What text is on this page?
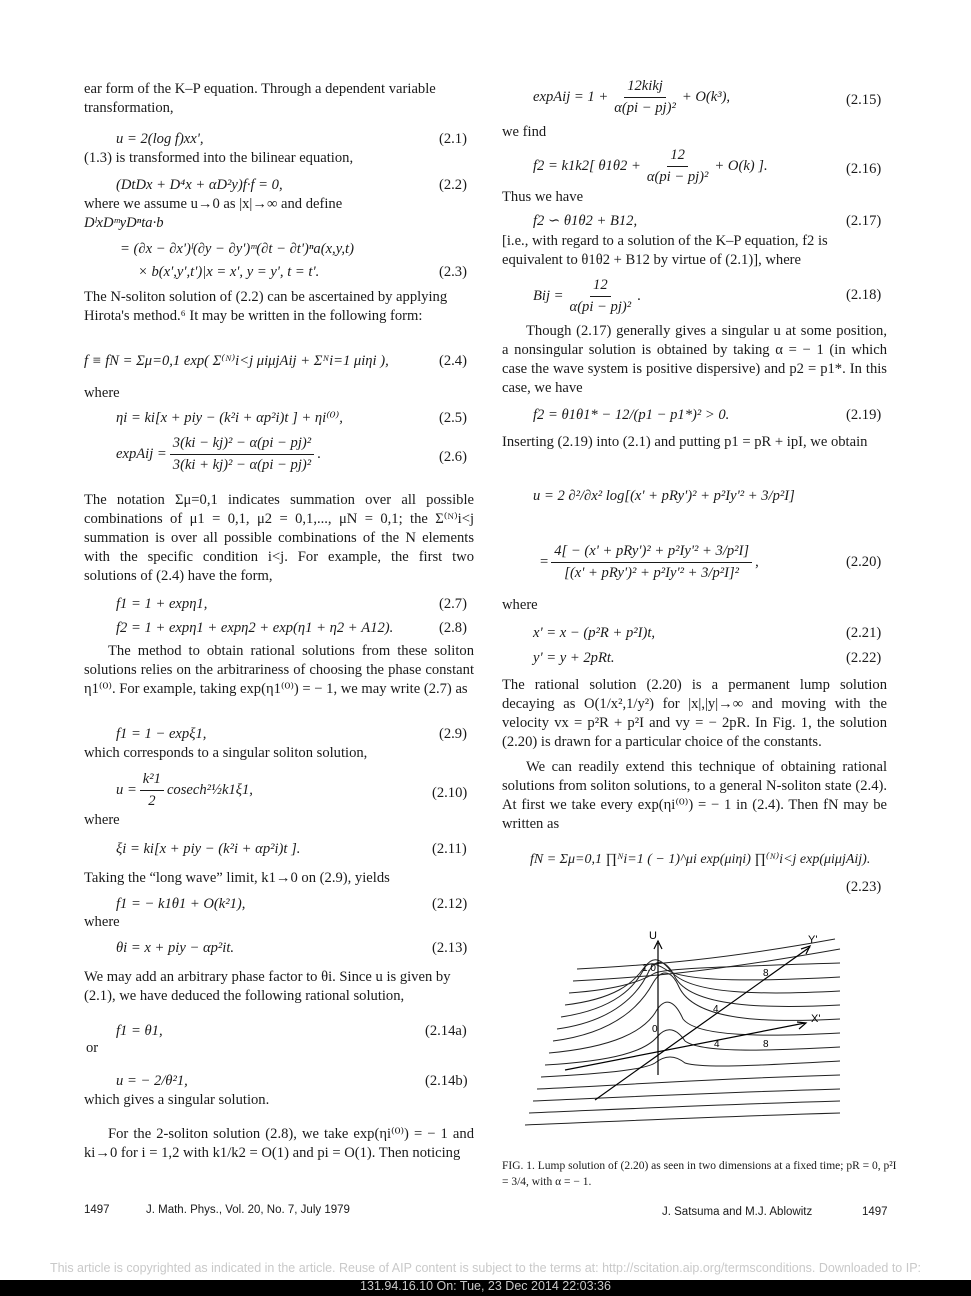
ear form of the K–P equation. Through a dependent variable transformation,

u = 2(log f)xx',	(2.1)

(1.3) is transformed into the bilinear equation,

(DtDx + D⁴x + αD²y)f·f = 0,	(2.2)

where we assume u→0 as |x|→∞ and define

DˡxDᵐyDⁿta·b
= (∂x − ∂x')ˡ(∂y − ∂y')ᵐ(∂t − ∂t')ⁿa(x,y,t)
× b(x',y',t')|x = x', y = y', t = t'.	(2.3)

The N-soliton solution of (2.2) can be ascertained by applying Hirota's method.⁶ It may be written in the following form:

f ≡ fN = Σμ=0,1 exp( Σ⁽ᴺ⁾i<j μiμjAij + Σᴺi=1 μiηi ),	(2.4)

where

ηi = ki[x + piy − (k²i + αp²i)t ] + ηi⁽⁰⁾,	(2.5)
expAij = $\frac{\text{3(ki − kj)² − α(pi − pj)²}}{\text{3(ki + kj)² − α(pi − pj)²}}$ .	(2.6)

The notation Σμ=0,1 indicates summation over all possible combinations of μ1 = 0,1, μ2 = 0,1,..., μN = 0,1; the Σ⁽ᴺ⁾i<j summation is over all possible combinations of the N elements with the specific condition i<j. For example, the first two solutions of (2.4) have the form,

f1 = 1 + expη1,	(2.7)
f2 = 1 + expη1 + expη2 + exp(η1 + η2 + A12).	(2.8)

The method to obtain rational solutions from these soliton solutions relies on the arbitrariness of choosing the phase constant η1⁽⁰⁾. For example, taking exp(η1⁽⁰⁾) = − 1, we may write (2.7) as

f1 = 1 − expξ1,	(2.9)

which corresponds to a singular soliton solution,

$u = \frac{\text{k²1}}{2}$ cosech²½k1ξ1,	(2.10)

where

ξi = ki[x + piy − (k²i + αp²i)t ].	(2.11)

Taking the “long wave” limit, k1→0 on (2.9), yields

f1 = − k1θ1 + O(k²1),	(2.12)

where

θi = x + piy − αp²it.	(2.13)

We may add an arbitrary phase factor to θi. Since u is given by (2.1), we have deduced the following rational solution,

f1 = θ1,	(2.14a)

or

u = − 2/θ²1,	(2.14b)

which gives a singular solution.

For the 2-soliton solution (2.8), we take exp(ηi⁽⁰⁾) = − 1 and ki→0 for i = 1,2 with k1/k2 = O(1) and pi = O(1). Then noticing

expAij = $1 + \frac{\text{12kikj}}{\text{α(pi − pj)²}} + O(k^3)$,	(2.15)

we find

f2 = k1k2[ $\theta 1\theta 2 + \frac{12}{\text{α(pi − pj)²}} + O(k)$ ].	(2.16)

Thus we have

f2 ∽ θ1θ2 + B12,	(2.17)

[i.e., with regard to a solution of the K–P equation, f2 is equivalent to θ1θ2 + B12 by virtue of (2.1)], where

Bij = $\frac{12}{\text{α(pi − pj)²}}$ .	(2.18)

Though (2.17) generally gives a singular u at some position, a nonsingular solution is obtained by taking α = − 1 (in which case the wave system is positive dispersive) and p2 = p1*. In this case, we have

f2 = θ1θ1* − 12/(p1 − p1*)² > 0.	(2.19)

Inserting (2.19) into (2.1) and putting p1 = pR + ipI, we obtain

u = 2 ∂²/∂x² log[(x' + pRy')² + p²Iy'² + 3/p²I]
= $\frac{\text{4[ − (x' + pRy')² + p²Iy'² + 3/p²I]}}{\text{[(x' + pRy')² + p²Iy'² + 3/p²I]²}}$ ,	(2.20)

where

x' = x − (p²R + p²I)t,	(2.21)
y' = y + 2pRt.	(2.22)

The rational solution (2.20) is a permanent lump solution decaying as O(1/x²,1/y²) for |x|,|y|→∞ and moving with the velocity vx = p²R + p²I and vy = − 2pR. In Fig. 1, the solution (2.20) is drawn for a particular choice of the constants.

We can readily extend this technique of obtaining rational solutions from soliton solutions, to a general N-soliton state (2.4). At first we take every exp(ηi⁽⁰⁾) = − 1 in (2.4). Then fN may be written as

fN = Σμ=0,1 ∏ᴺi=1 ( − 1)^μi exp(μiηi) ∏⁽ᴺ⁾i<j exp(μiμjAij).
(2.23)
U	Y'
X'
1.0
0
4
8
4	8

FIG. 1. Lump solution of (2.20) as seen in two dimensions at a fixed time; pR = 0, p²I = 3/4, with α = − 1.

1497	J. Math. Phys., Vol. 20, No. 7, July 1979	J. Satsuma and M.J. Ablowitz	1497

This article is copyrighted as indicated in the article. Reuse of AIP content is subject to the terms at: http://scitation.aip.org/termsconditions. Downloaded to IP:

131.94.16.10 On: Tue, 23 Dec 2014 22:03:36
